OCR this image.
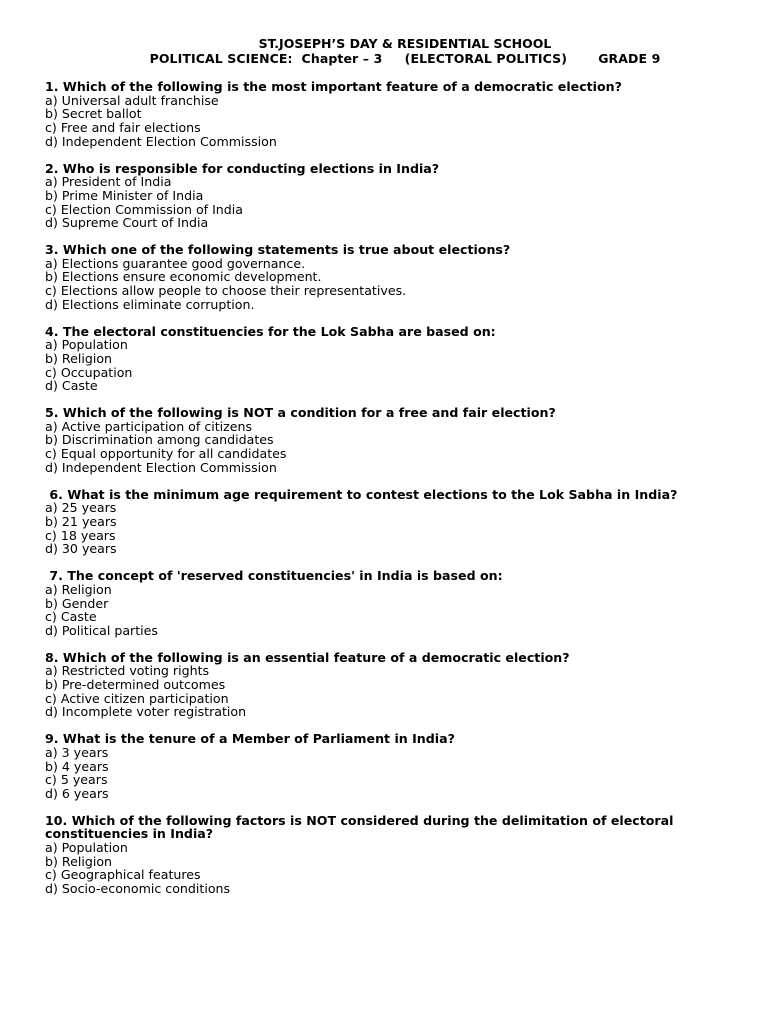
ST.JOSEPH’S DAY & RESIDENTIAL SCHOOL
POLITICAL SCIENCE:  Chapter – 3     (ELECTORAL POLITICS)       GRADE 9
1. Which of the following is the most important feature of a democratic election?
a) Universal adult franchise
b) Secret ballot
c) Free and fair elections
d) Independent Election Commission
2. Who is responsible for conducting elections in India?
a) President of India
b) Prime Minister of India
c) Election Commission of India
d) Supreme Court of India
3. Which one of the following statements is true about elections?
a) Elections guarantee good governance.
b) Elections ensure economic development.
c) Elections allow people to choose their representatives.
d) Elections eliminate corruption.
4. The electoral constituencies for the Lok Sabha are based on:
a) Population
b) Religion
c) Occupation
d) Caste
5. Which of the following is NOT a condition for a free and fair election?
a) Active participation of citizens
b) Discrimination among candidates
c) Equal opportunity for all candidates
d) Independent Election Commission
6. What is the minimum age requirement to contest elections to the Lok Sabha in India?
a) 25 years
b) 21 years
c) 18 years
d) 30 years
7. The concept of 'reserved constituencies' in India is based on:
a) Religion
b) Gender
c) Caste
d) Political parties
8. Which of the following is an essential feature of a democratic election?
a) Restricted voting rights
b) Pre-determined outcomes
c) Active citizen participation
d) Incomplete voter registration
9. What is the tenure of a Member of Parliament in India?
a) 3 years
b) 4 years
c) 5 years
d) 6 years
10. Which of the following factors is NOT considered during the delimitation of electoral constituencies in India?
a) Population
b) Religion
c) Geographical features
d) Socio-economic conditions
